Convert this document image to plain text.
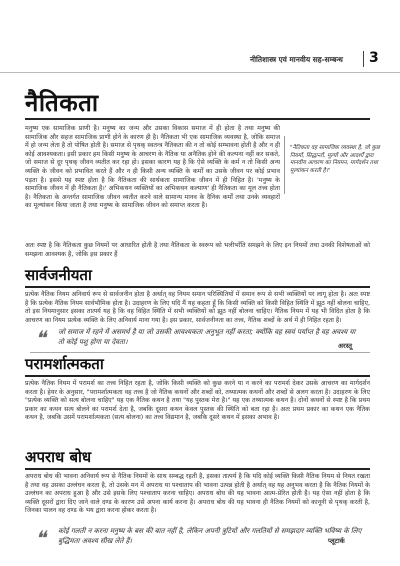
नीतिशास्त्र एवं मानवीय सह-सम्बन्ध 3
नैतिकता
मनुष्य एक सामाजिक प्राणी है। मनुष्य का जन्म और उसका विकास समाज में ही होता है तथा मनुष्य की सामाजिक और सहज सामाजिक प्राणी होने के कारण ही है। नैतिकता भी एक सामाजिक व्यवस्था है, जोकि समाज में हो जन्म लेता है तो पोषित होती है। समाज से पृथक् स्वतन्त्र नैतिकता की न तो कोई सम्भावना होती है और न ही कोई आवश्यकता। इसी प्रकार हम किसी मनुष्य के आचरण के नैतिक या अनैतिक होने की कल्पना नहीं कर सकते, जो समाज से दूर पृथक् जीवन व्यतीत कर रहा हो। इसका कारण यह है कि ऐसे व्यक्ति के कर्म न तो किसी अन्य व्यक्ति के जीवन को प्रभावित करते हैं और न ही किसी अन्य व्यक्ति के कर्मों का उसके जीवन पर कोई प्रभाव पड़ता है। इससे यह स्पष्ट होता है कि नैतिकता की सार्थकता सामाजिक जीवन में ही निहित है। 'मनुष्य के सामाजिक जीवन में ही नैतिकता है।' अभिकथन व्यक्तियों का अभिकथन कल्याण' ही नैतिकता का मूल तत्त्व होता है। नैतिकता के अन्तर्गत सामाजिक जीवन व्यतीत करने वाले सामान्य मानव के दैनिक कर्मों तथा उनके व्यवहारों का मूल्यांकन किया जाता है तथा मनुष्य के सामाजिक जीवन को समाप्त करता है।
"नैतिकता वह सामाजिक व्यवस्था है, जो कुछ नियमों, सिद्धान्तों, मूल्यों और आदर्शों द्वारा मानवीय आचरण का नियमन, मार्गदर्शन तथा मूल्यांकन करती है।"
अतः स्पष्ट है कि नैतिकता कुछ नियमों पर आधारित होती है तथा नैतिकता के स्वरूप को भलीभाँति समझने के लिए इन नियमों तथा उनकी विशेषताओं को समझना आवश्यक है, जोकि इस प्रकार हैं
सार्वजनीयता
प्रत्येक नैतिक नियम अनिवार्य रूप से सार्वजनीन होता है अर्थात् वह नियम समान परिस्थितियों में समान रूप से सभी व्यक्तियों पर लागू होता है। अतः स्पष्ट है कि प्रत्येक नैतिक नियम सार्वभौमिक होता है। उदाहरण के लिए यदि मैं यह कहता हूँ कि किसी व्यक्ति को किसी विहित स्थिति में झूठ नहीं बोलना चाहिए, तो इस नियमानुसार इसका तात्पर्य यह है कि वह विहित स्थिति में सभी व्यक्तियों को झूठ नहीं बोलना चाहिए। नैतिक नियम में यह भी विदित होता है कि आचरण का नियम प्रत्येक व्यक्ति के लिए अनिवार्य माना गया है। इस प्रकार, सार्वजनीनता का तत्त्व, नैतिक शब्दों के अर्थ में ही निहित रहता है।
❝ जो समाज में रहने में असमर्थ है या जो उसकी आवश्यकता अनुभूत नहीं करता; क्योंकि वह स्वयं पर्याप्त है वह अवश्य या तो कोई पशु होगा या देवता।
अरस्तू
परामर्शात्मकता
प्रत्येक नैतिक नियम में परामर्श का तत्त्व निहित रहता है, जोकि किसी व्यक्ति को कुछ करने या न करने का परामर्श देकर उसके आचरण का मार्गदर्शन करता है। हेयर के अनुसार, "परामर्शात्मकता वह तत्त्व है जो नैतिक कथनों और शब्दों को, तथ्यात्मक कथनों और शब्दों से अलग करता है। उदाहरण के लिए "प्रत्येक व्यक्ति को सत्य बोलना चाहिए" यह एक नैतिक कथन है तथा "यह पुस्तक मेरा है।" यह एक तथ्यात्मक कथन है। दोनों कथनों से स्पष्ट है कि प्रथम प्रकार का कथन सत्य बोलने का परामर्श देता है, जबकि दूसरा कथन केवल पुस्तक की स्थिति को बता रहा है। अतः प्रथम प्रकार का कथन एक नैतिक कथन है, जबकि उसमें परामर्शात्मकता (सत्य बोलना) का तत्त्व विद्यमान है, जबकि दूसरे कथन में इसका अभाव है।
अपराध बोध
अपराध बोध की भावना अनिवार्य रूप से नैतिक नियमों के साथ सम्बद्ध रहती है, इसका तात्पर्य है कि यदि कोई व्यक्ति किसी नैतिक नियम से नियत रखता है तथा वह उसका उल्लंघन करता है, तो उसके मन में अपराध या पश्चाताप की भावना उत्पन्न होती है अर्थात् वह यह अनुभव करता है कि नैतिक नियमों के उल्लंघन का अपराध हुआ है और उसे इसके लिए पश्चाताप करना चाहिए। अपराध बोध की यह भावना आत्म-प्रेरित होती है। यह ऐसा नहीं होता है कि व्यक्ति दूसरों द्वारा दिए जाने वाले दण्ड के कारण उसे अपना कार्य करना है। अपराध बोध की यह भावना ही नैतिक नियमों को कानूनी से पृथक् करती है, जिनका पालन वह दण्ड के भय द्वारा करना होकर करता है।
❝ कोई गलती न करना मनुष्य के बस की बात नहीं है, लेकिन अपनी त्रुटियों और गलतियों से समझदार व्यक्ति भविष्य के लिए बुद्धिमता अवश्य सीख लेते हैं।	प्लूटार्क
